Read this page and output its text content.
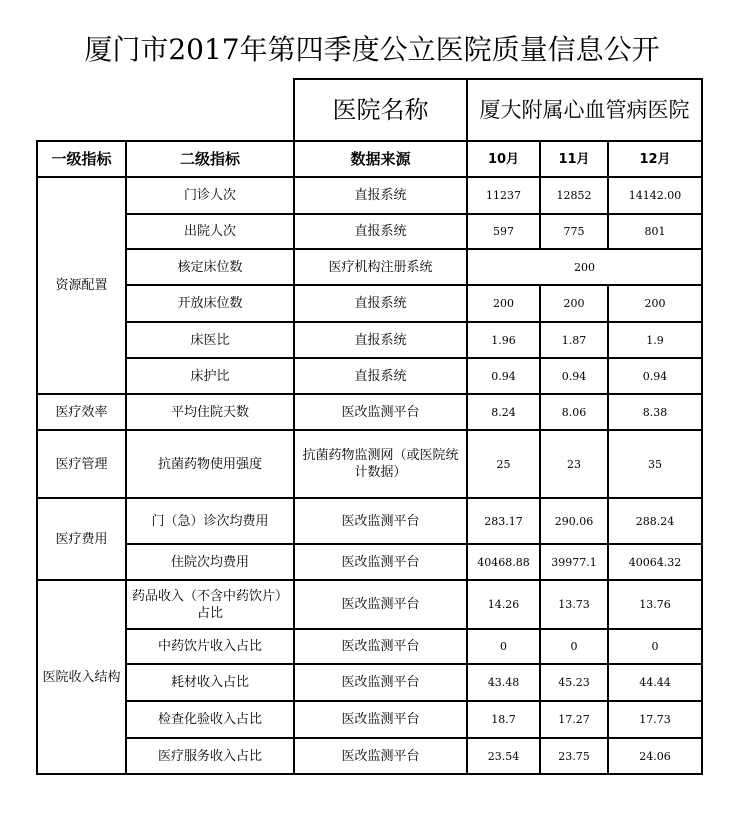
厦门市2017年第四季度公立医院质量信息公开
		医院名称	厦大附属心血管病医院		
一级指标	二级指标	数据来源	10月	11月	12月
资源配置	门诊人次	直报系统	11237	12852	14142.00
	出院人次	直报系统	597	775	801
	核定床位数	医疗机构注册系统	200		
	开放床位数	直报系统	200	200	200
	床医比	直报系统	1.96	1.87	1.9
	床护比	直报系统	0.94	0.94	0.94
医疗效率	平均住院天数	医改监测平台	8.24	8.06	8.38
医疗管理	抗菌药物使用强度	抗菌药物监测网（或医院统计数据）	25	23	35
医疗费用	门（急）诊次均费用	医改监测平台	283.17	290.06	288.24
	住院次均费用	医改监测平台	40468.88	39977.1	40064.32
医院收入结构	药品收入（不含中药饮片）占比	医改监测平台	14.26	13.73	13.76
	中药饮片收入占比	医改监测平台	0	0	0
	耗材收入占比	医改监测平台	43.48	45.23	44.44
	检查化验收入占比	医改监测平台	18.7	17.27	17.73
	医疗服务收入占比	医改监测平台	23.54	23.75	24.06
